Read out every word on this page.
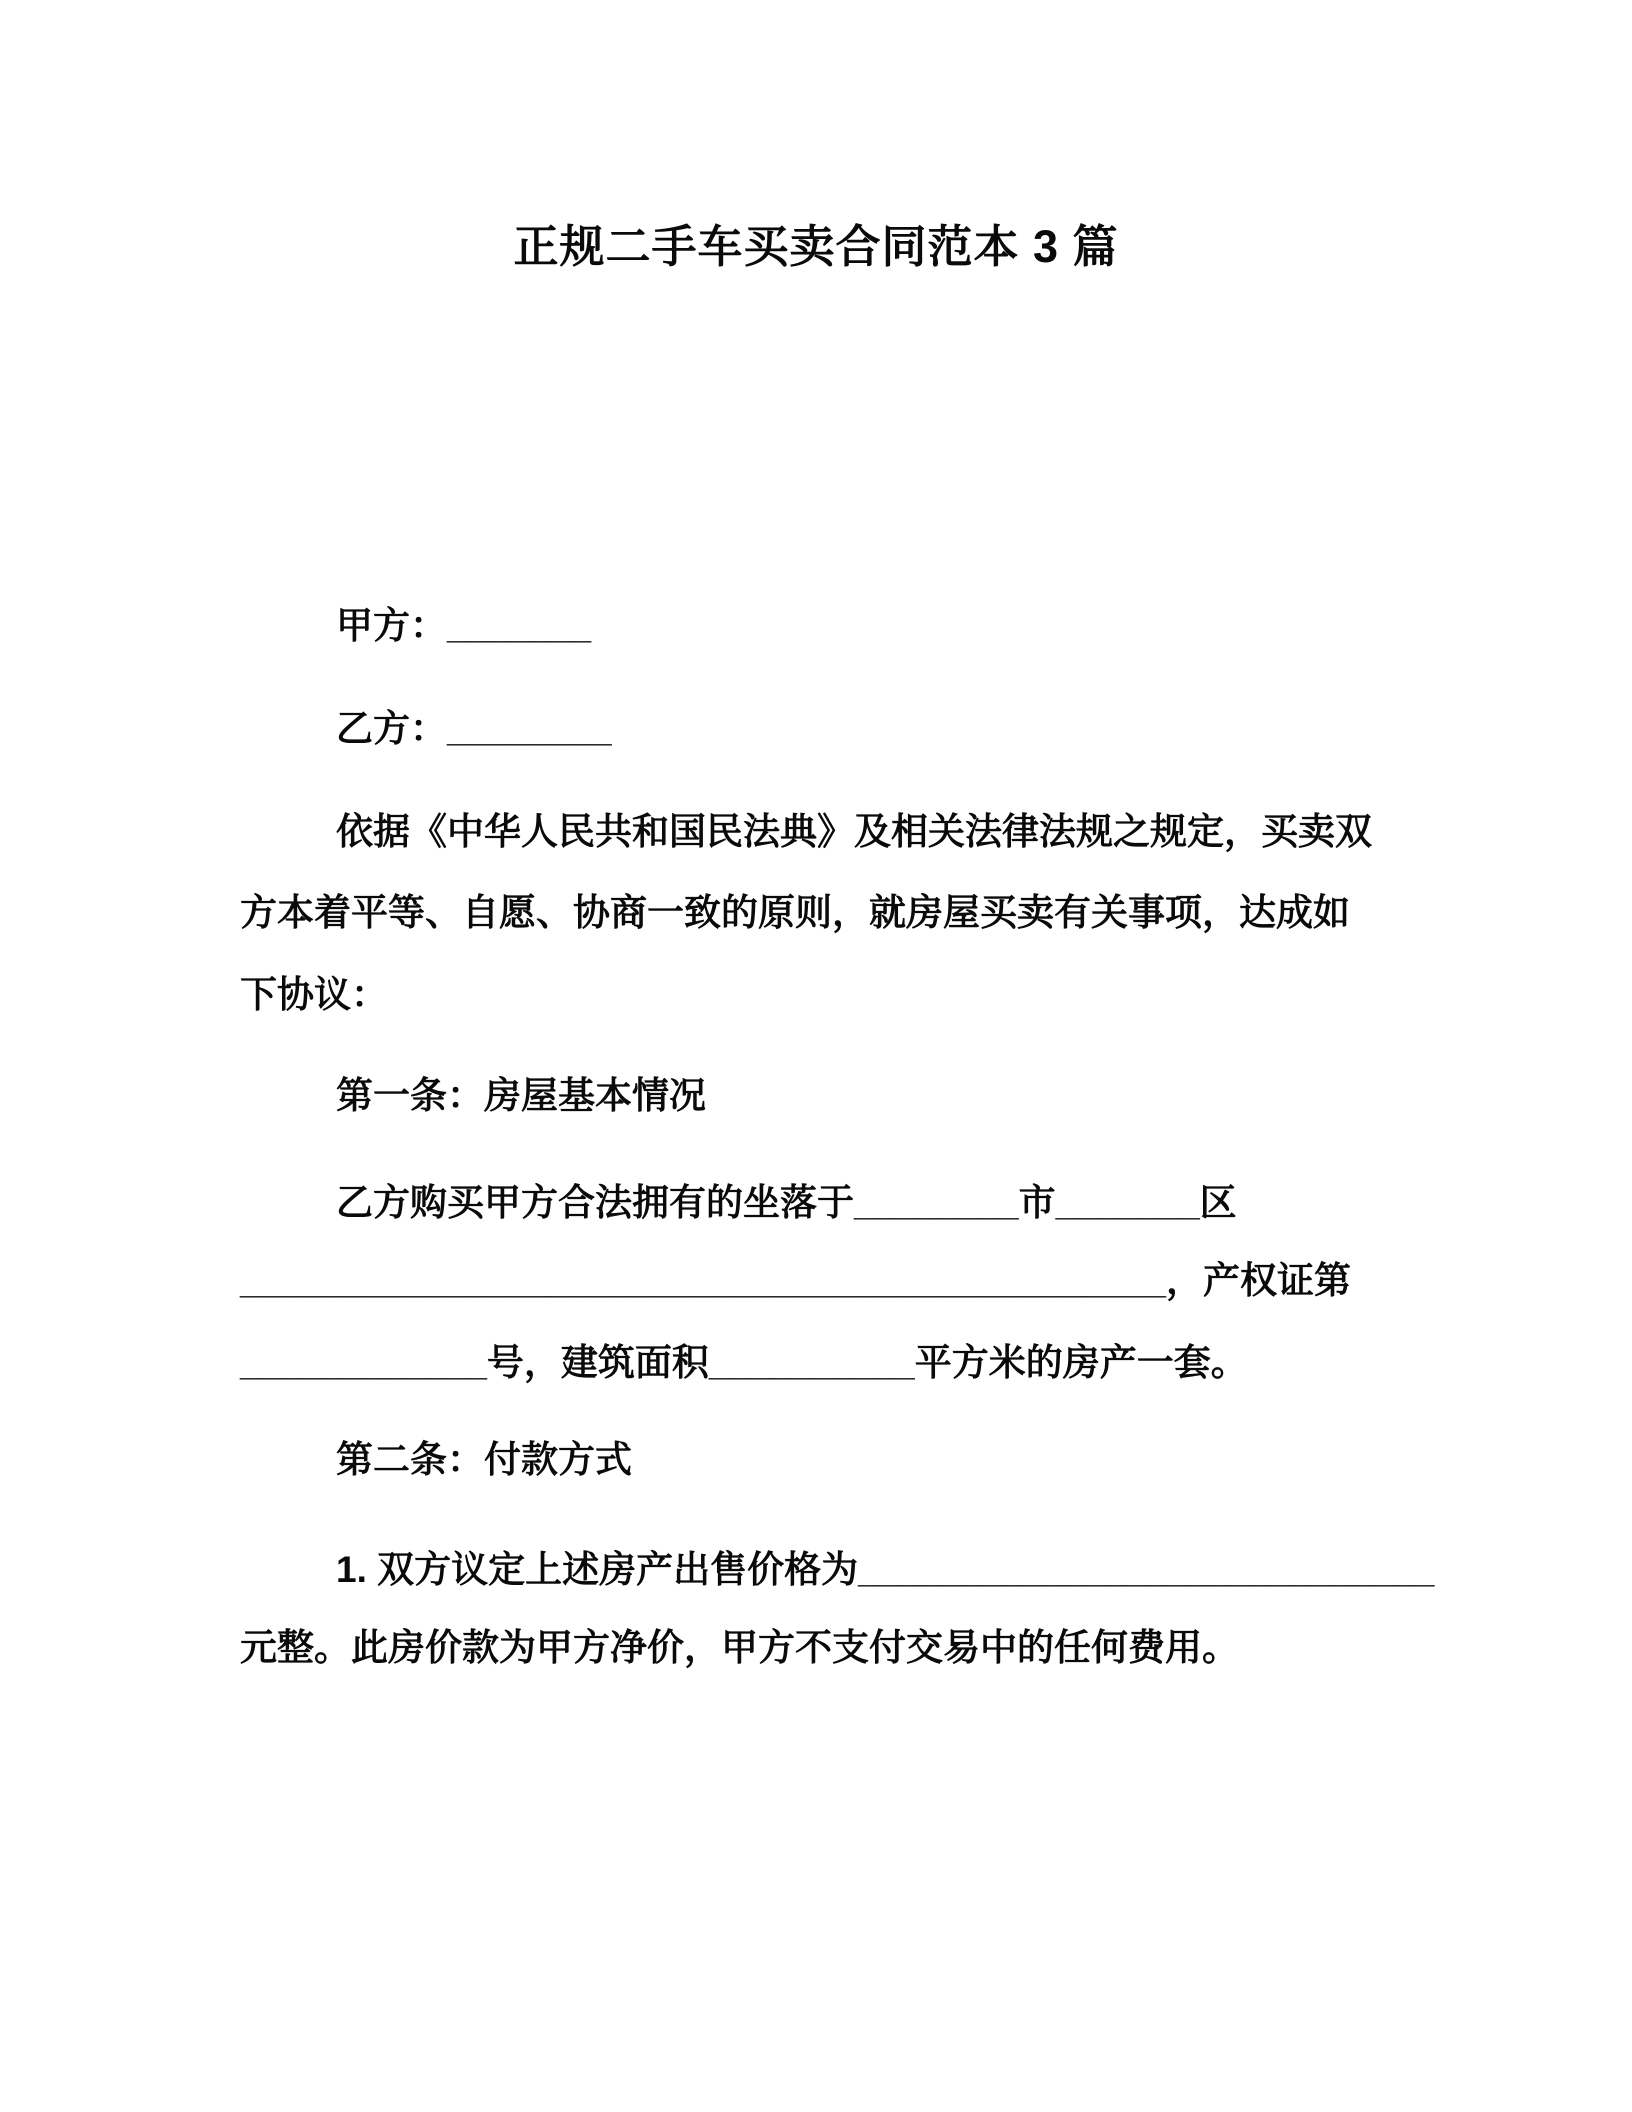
正规二手车买卖合同范本 3 篇
甲方：_______
乙方：________
依据《中华人民共和国民法典》及相关法律法规之规定，买卖双
方本着平等、自愿、协商一致的原则，就房屋买卖有关事项，达成如
下协议：
第一条：房屋基本情况
乙方购买甲方合法拥有的坐落于________市_______区
_____________________________________________，产权证第
____________号，建筑面积__________平方米的房产一套。
第二条：付款方式
1. 双方议定上述房产出售价格为____________________________
元整。此房价款为甲方净价，甲方不支付交易中的任何费用。
